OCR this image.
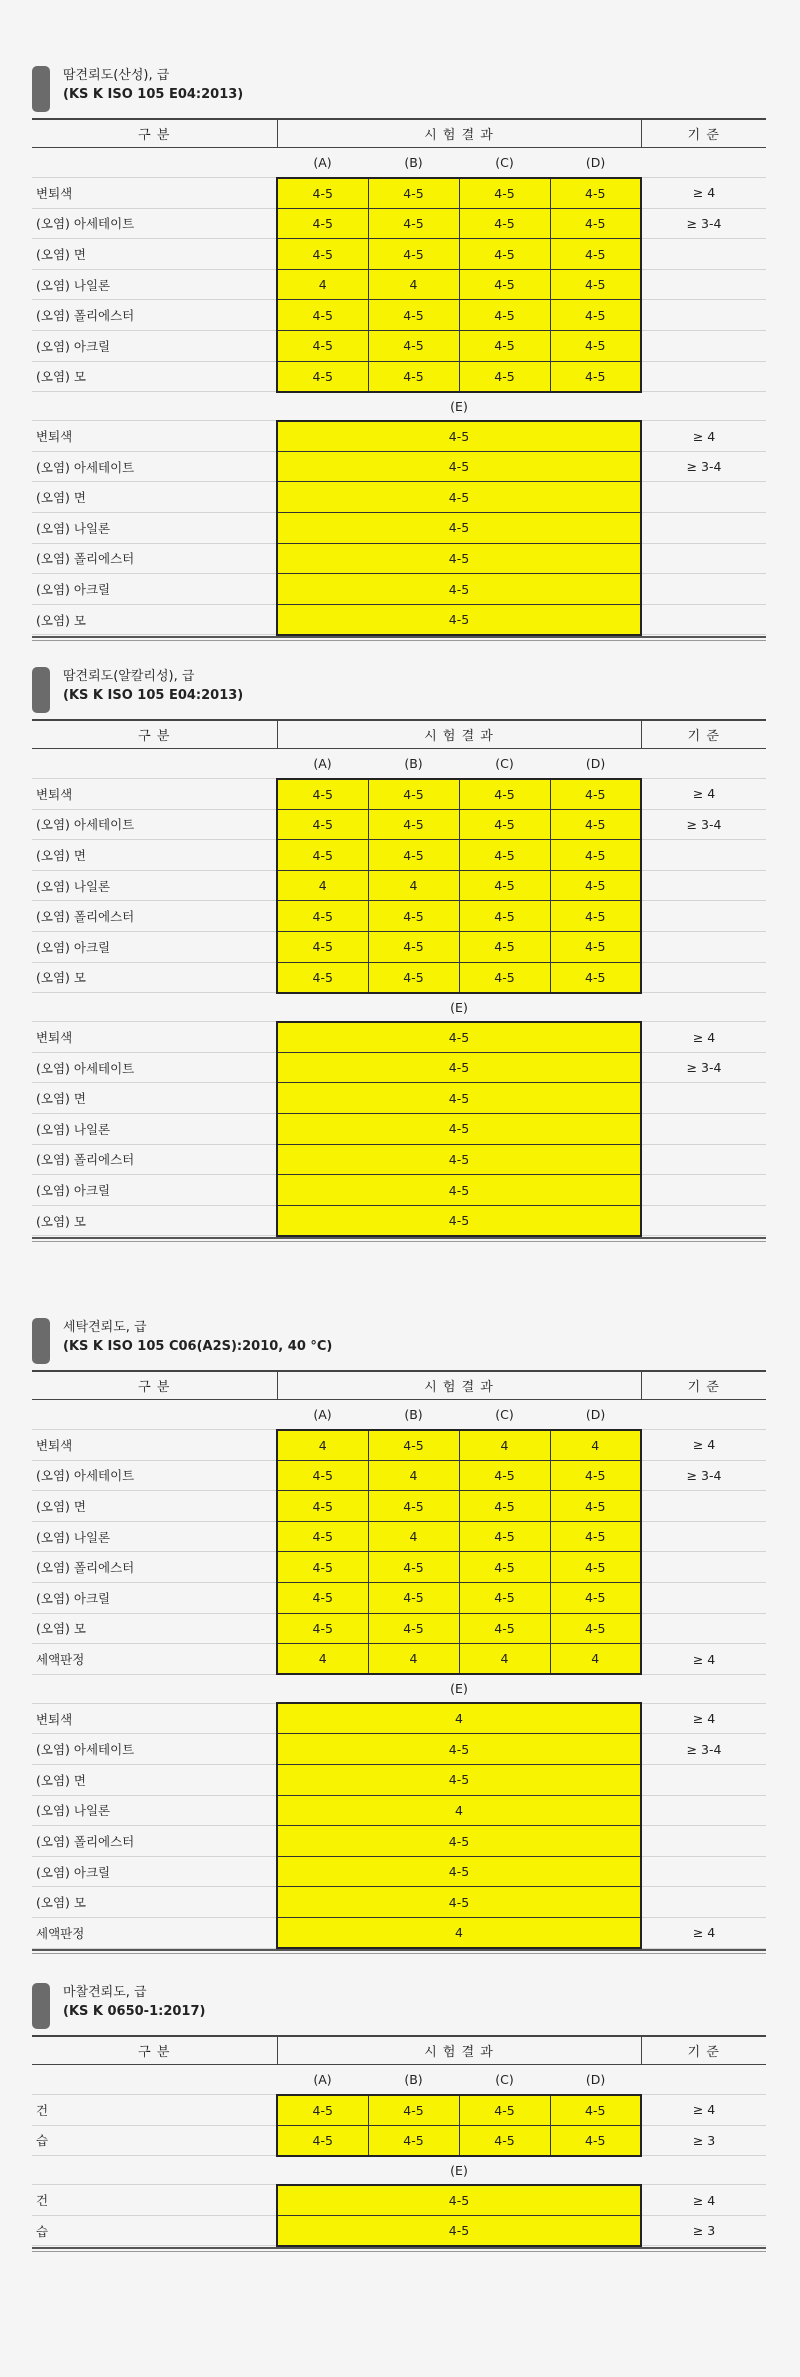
땀견뢰도(산성), 급
(KS K ISO 105 E04:2013)
구 분	시 험 결 과				기 준
	(A)	(B)	(C)	(D)	
변퇴색	4-5	4-5	4-5	4-5	≥ 4
(오염) 아세테이트	4-5	4-5	4-5	4-5	≥ 3-4
(오염) 면	4-5	4-5	4-5	4-5	
(오염) 나일론	4	4	4-5	4-5	
(오염) 폴리에스터	4-5	4-5	4-5	4-5	
(오염) 아크릴	4-5	4-5	4-5	4-5	
(오염) 모	4-5	4-5	4-5	4-5	
	(E)				
변퇴색	4-5				≥ 4
(오염) 아세테이트	4-5				≥ 3-4
(오염) 면	4-5				
(오염) 나일론	4-5				
(오염) 폴리에스터	4-5				
(오염) 아크릴	4-5				
(오염) 모	4-5				
땀견뢰도(알칼리성), 급
(KS K ISO 105 E04:2013)
구 분	시 험 결 과				기 준
	(A)	(B)	(C)	(D)	
변퇴색	4-5	4-5	4-5	4-5	≥ 4
(오염) 아세테이트	4-5	4-5	4-5	4-5	≥ 3-4
(오염) 면	4-5	4-5	4-5	4-5	
(오염) 나일론	4	4	4-5	4-5	
(오염) 폴리에스터	4-5	4-5	4-5	4-5	
(오염) 아크릴	4-5	4-5	4-5	4-5	
(오염) 모	4-5	4-5	4-5	4-5	
	(E)				
변퇴색	4-5				≥ 4
(오염) 아세테이트	4-5				≥ 3-4
(오염) 면	4-5				
(오염) 나일론	4-5				
(오염) 폴리에스터	4-5				
(오염) 아크릴	4-5				
(오염) 모	4-5				
세탁견뢰도, 급
(KS K ISO 105 C06(A2S):2010, 40 °C)
구 분	시 험 결 과				기 준
	(A)	(B)	(C)	(D)	
변퇴색	4	4-5	4	4	≥ 4
(오염) 아세테이트	4-5	4	4-5	4-5	≥ 3-4
(오염) 면	4-5	4-5	4-5	4-5	
(오염) 나일론	4-5	4	4-5	4-5	
(오염) 폴리에스터	4-5	4-5	4-5	4-5	
(오염) 아크릴	4-5	4-5	4-5	4-5	
(오염) 모	4-5	4-5	4-5	4-5	
세액판정	4	4	4	4	≥ 4
	(E)				
변퇴색	4				≥ 4
(오염) 아세테이트	4-5				≥ 3-4
(오염) 면	4-5				
(오염) 나일론	4				
(오염) 폴리에스터	4-5				
(오염) 아크릴	4-5				
(오염) 모	4-5				
세액판정	4				≥ 4
마찰견뢰도, 급
(KS K 0650-1:2017)
구 분	시 험 결 과				기 준
	(A)	(B)	(C)	(D)	
건	4-5	4-5	4-5	4-5	≥ 4
습	4-5	4-5	4-5	4-5	≥ 3
	(E)				
건	4-5				≥ 4
습	4-5				≥ 3
